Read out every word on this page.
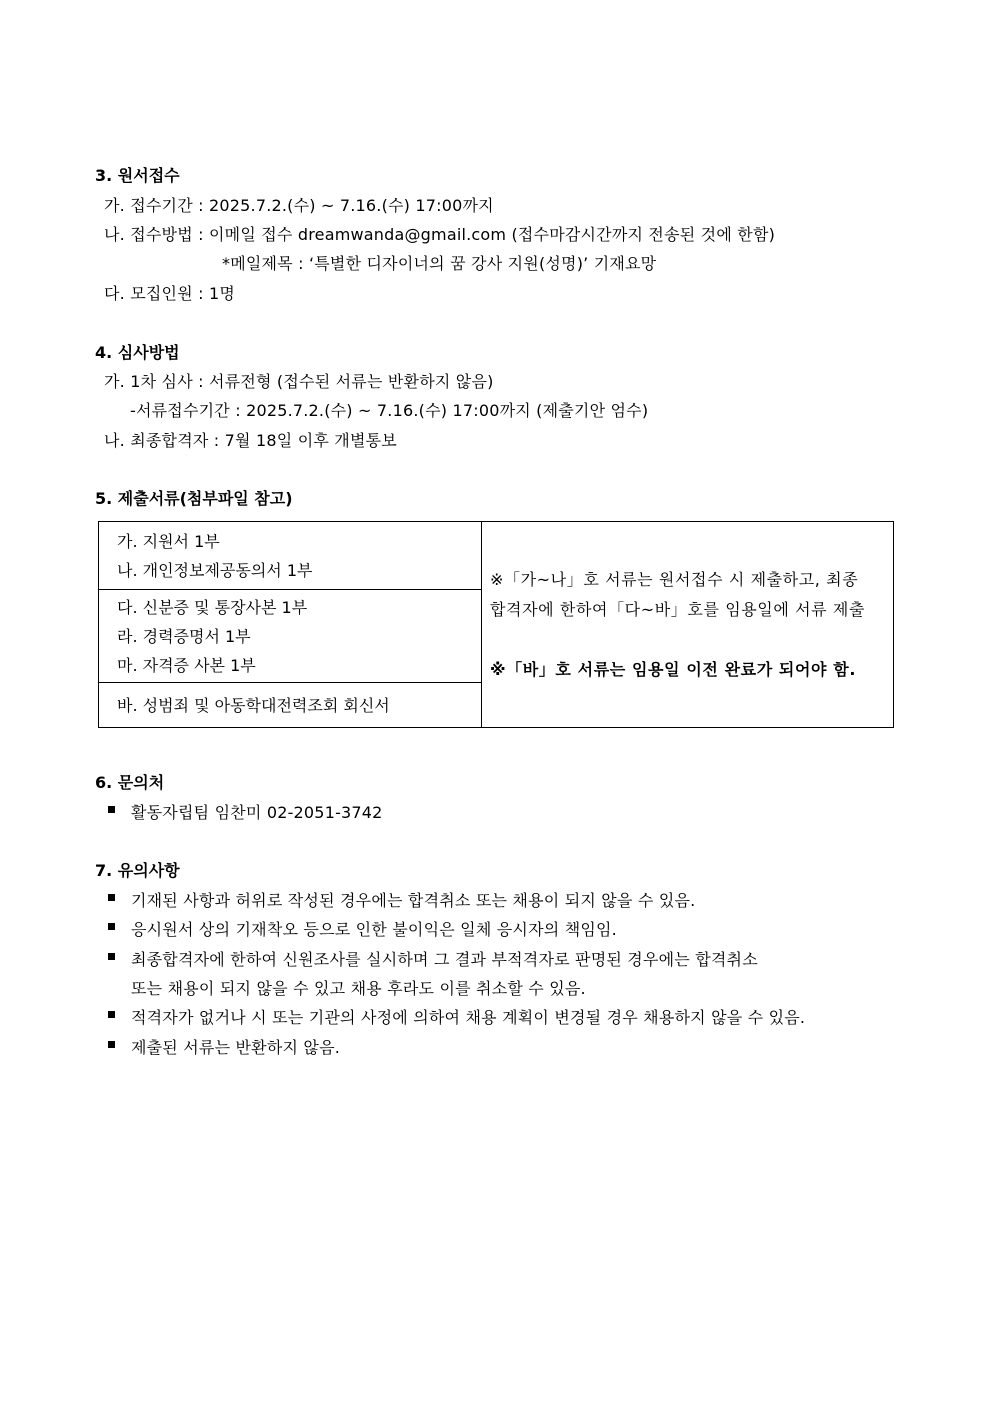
3. 원서접수
가. 접수기간 : 2025.7.2.(수) ~ 7.16.(수) 17:00까지
나. 접수방법 : 이메일 접수 dreamwanda@gmail.com (접수마감시간까지 전송된 것에 한함)
*메일제목 : ‘특별한 디자이너의 꿈 강사 지원(성명)’ 기재요망
다. 모집인원 : 1명
4. 심사방법
가. 1차 심사 : 서류전형 (접수된 서류는 반환하지 않음)
-서류접수기간 : 2025.7.2.(수) ~ 7.16.(수) 17:00까지 (제출기안 엄수)
나. 최종합격자 : 7월 18일 이후 개별통보
5. 제출서류(첨부파일 참고)
가. 지원서 1부
나. 개인정보제공동의서 1부	※「가~나」호 서류는 원서접수 시 제출하고, 최종
합격자에 한하여「다~바」호를 임용일에 서류 제출
※「바」호 서류는 임용일 이전 완료가 되어야 함.

다. 신분증 및 통장사본 1부
라. 경력증명서 1부
마. 자격증 사본 1부

바. 성범죄 및 아동학대전력조회 회신서
6. 문의처
활동자립팀 임찬미 02-2051-3742
7. 유의사항
기재된 사항과 허위로 작성된 경우에는 합격취소 또는 채용이 되지 않을 수 있음.
응시원서 상의 기재착오 등으로 인한 불이익은 일체 응시자의 책임임.
최종합격자에 한하여 신원조사를 실시하며 그 결과 부적격자로 판명된 경우에는 합격취소
또는 채용이 되지 않을 수 있고 채용 후라도 이를 취소할 수 있음.
적격자가 없거나 시 또는 기관의 사정에 의하여 채용 계획이 변경될 경우 채용하지 않을 수 있음.
제출된 서류는 반환하지 않음.
